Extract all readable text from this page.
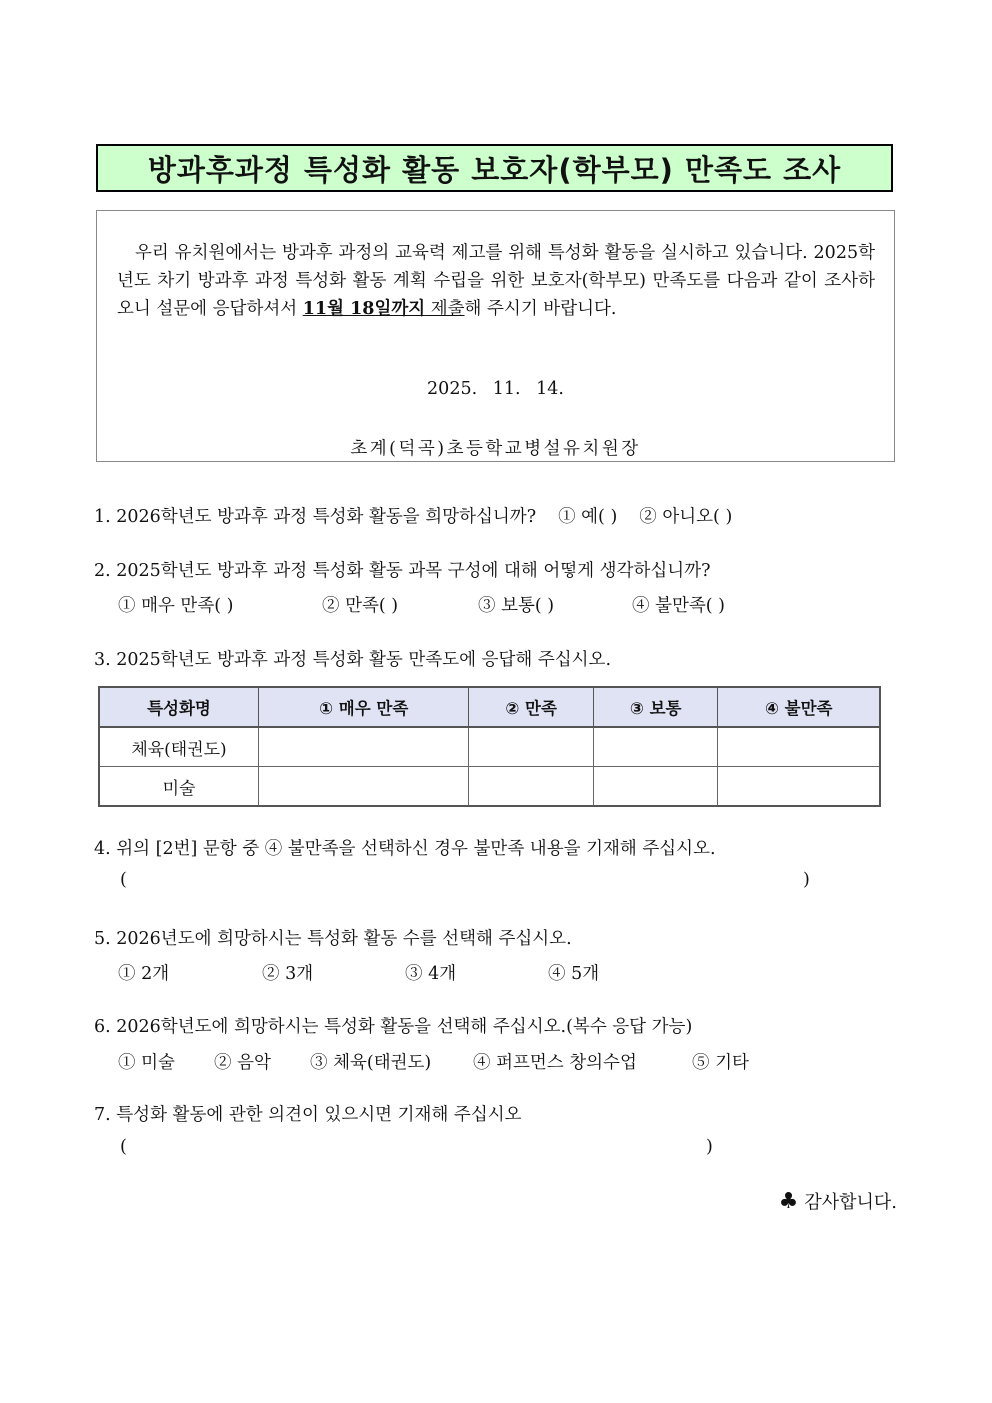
방과후과정 특성화 활동 보호자(학부모) 만족도 조사

우리 유치원에서는 방과후 과정의 교육력 제고를 위해 특성화 활동을 실시하고 있습니다. 2025학년도 차기 방과후 과정 특성화 활동 계획 수립을 위한 보호자(학부모) 만족도를 다음과 같이 조사하오니 설문에 응답하셔서 11월 18일까지 제출해 주시기 바랍니다.

2025. 11. 14.
초계(덕곡)초등학교병설유치원장
1. 2026학년도 방과후 과정 특성화 활동을 희망하십니까? ① 예( ) ② 아니오( )
2. 2025학년도 방과후 과정 특성화 활동 과목 구성에 대해 어떻게 생각하십니까?
① 매우 만족( )	② 만족( )	③ 보통( )	④ 불만족( )
3. 2025학년도 방과후 과정 특성화 활동 만족도에 응답해 주십시오.
특성화명	① 매우 만족	② 만족	③ 보통	④ 불만족
체육(태권도)				
미술				
4. 위의 [2번] 문항 중 ④ 불만족을 선택하신 경우 불만족 내용을 기재해 주십시오.
(	)
5. 2026년도에 희망하시는 특성화 활동 수를 선택해 주십시오.
① 2개	② 3개	③ 4개	④ 5개
6. 2026학년도에 희망하시는 특성화 활동을 선택해 주십시오.(복수 응답 가능)
① 미술 ② 음악 ③ 체육(태권도) ④ 퍼프먼스 창의수업	⑤ 기타
7. 특성화 활동에 관한 의견이 있으시면 기재해 주십시오
(	)
♣ 감사합니다.
